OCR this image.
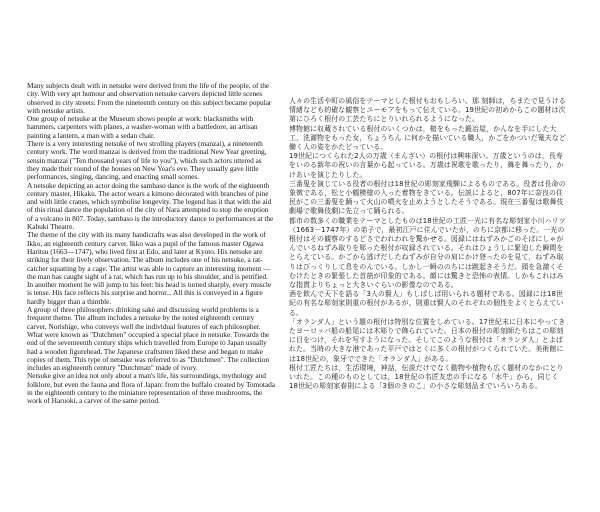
Many subjects dealt with in netsuke were derived from the life of the people, of the city. With very apt humour and observation netsuke carvers depicted little scenes observed in city streets. From the nineteenth century on this subject became popular with netsuke artists.

One group of netsuke at the Museum shows people at work: blacksmiths with hammers, carpenters with planes, a washer-woman with a battledore, an artisan painting a lantern, a man with a sedan chair.

There is a very interesting netsuke of two strolling players (manzai), a nineteenth century work. The word manzai is derived from the traditional New Year greeting, sensin manzai ("Ten thousand years of life to you"), which such actors uttered as they made their round of the houses on New Year's eve. They usually gave little performances, singing, dancing, and enacting small scenes.

A netsuke depicting an actor doing the sambaso dance is the work of the eighteenth century master, Hikaku. The actor wears a kimono decorated with branches of pine and with little cranes, which symbolise longevity. The legend has it that with the aid of this ritual dance the population of the city of Nara attempted to stop the eruption of a volcano in 807. Today, sambaso is the introductory dance to performances at the Kabuki Theatre.

The theme of the city with its many handicrafts was also developed in the work of Ikko, an eighteenth century carver. Ikko was a pupil of the famous master Ogawa Haritsu (1663—1747), who lived first at Edo, and later at Kyoto. His netsuke are striking for their lively observation. The album includes one of his netsuke, a rat-catcher squatting by a cage. The artist was able to capture an interesting moment — the man has caught sight of a rat, which has run up to his shoulder, and is petrified. In another moment he will jump to his feet: his head is turned sharply, every muscle is tense. His face reflects his surprise and horror... All this is conveyed in a figure hardly bigger than a thimble.

A group of three philosophers drinking sakè and discussing world problems is a frequent theme. The album includes a netsuke by the noted eighteenth century carver, Norishige, who conveys well the individual features of each philosopher.

What were known as "Dutchmen" occupied a special place in netsuke. Towards the end of the seventeenth century ships which travelled from Europe to Japan usually had a wooden figurehead. The Japanese craftsmen liked these and began to make copies of them. This type of netsuke was referred to as "Dutchmen". The collection includes an eighteenth century "Dutchman" made of ivory.

Netsuke give an idea not only about a man's life, his surroundings, mythology and folklore, but even the fauna and flora of Japan: from the buffalo created by Tomotada in the eighteenth century to the miniature representation of three mushrooms, the work of Haruoki, a carver of the same period.

人々の生活や町の風俗をテーマとした根付もおもしろい。那 刻師は，ちまたで見うける情緒なども的確な観察とユーモアをもって伝えている。19世紀の初めからこの題材は次第にひろく根付の工芸たちにとりいれられるようになった。

博物館に収蔵されている根付のいくつかは，槌をもった鍛冶屋，かんなを手にした大工，洗濯物をもった女，ちょうちん に何かを描いている職人，かごをかついだ篭夫など働く人の姿をかたどっている。

19世紀につくられた2人の万歳（まんざい）の根付は興味深い。万歳というのは，長寿をいのる新年の祝いの言葉から起っている。万歳は祝歌を歌ったり，舞を舞ったり，かけあいを演じたりした。

三番叟を演じている役者の根付は18世紀の彫刻家飛騨によるものである。役者は長命の象徴である，松と小鶴模様の入った着物をきている。伝説によると，807年に奈良の住民がこの三番叟を踊って火山の噴火を止めようとしたそうである。現在三番叟は歌舞伎劇場で歌舞伎劇に先立って踊られる。

都市の数多くの職業をテーマとしたものは18世紀の工匠一光に有名な彫刻家小川ハリツ（1663－1747年）の弟子で，最初江戸に住んでいたが，のちに京都に移った。一光の根付はその観察のするどさでわれわれを驚かせる。図録にはねずみかごのそばにしゃがんでいるねずみ取りを彫った根付が収録されている。それはひょうしに緊迫した瞬間をとらえている。かごから逃げだしたねずみが自分の肩にかけ登ったのを見て，ねずみ取りはびっくりして息をのんでいる。しかし一瞬ののちには跳起きそうだ。頭を急激くそむけたときの緊張した首筋が印象的である。顔には驚きと恐怖の表情。しかもこれはみな指貫よりちょっと大きいぐらいの影像なのである。

酒を飲んで天下を語る「3人の賢人」もしばしば用いられる題材である。図録には18世紀の有名な彫刻家則重の根付があるが，則重は賢人のそれぞれの個性をよくとらえている。

「オランダ人」という題の根付は特別な位置をしめている。17世紀末に日本にやってきたヨーロッパ船の船尾には木彫りで飾られていた。日本の根付の彫刻師たちはこの彫刻に目をつけ，それを写すようになった。そしてこのような根付は「オランダ人」とよばれた。当時の大きな港であった平戸ではとくに多くの根付がつくられていた。美術館には18世紀の，象牙でできた「オランダ人」がある。

根付工匠たちは，生活環境，神話，伝説だけでなく動物や植物も広く題材のなかにとりいれた。この種のものとしては，18世紀の名匠友忠の手になる「水牛」から，同じく18世紀の彫刻家春則による「3個のきのこ」の小さな彫刻品までいろいろある。
